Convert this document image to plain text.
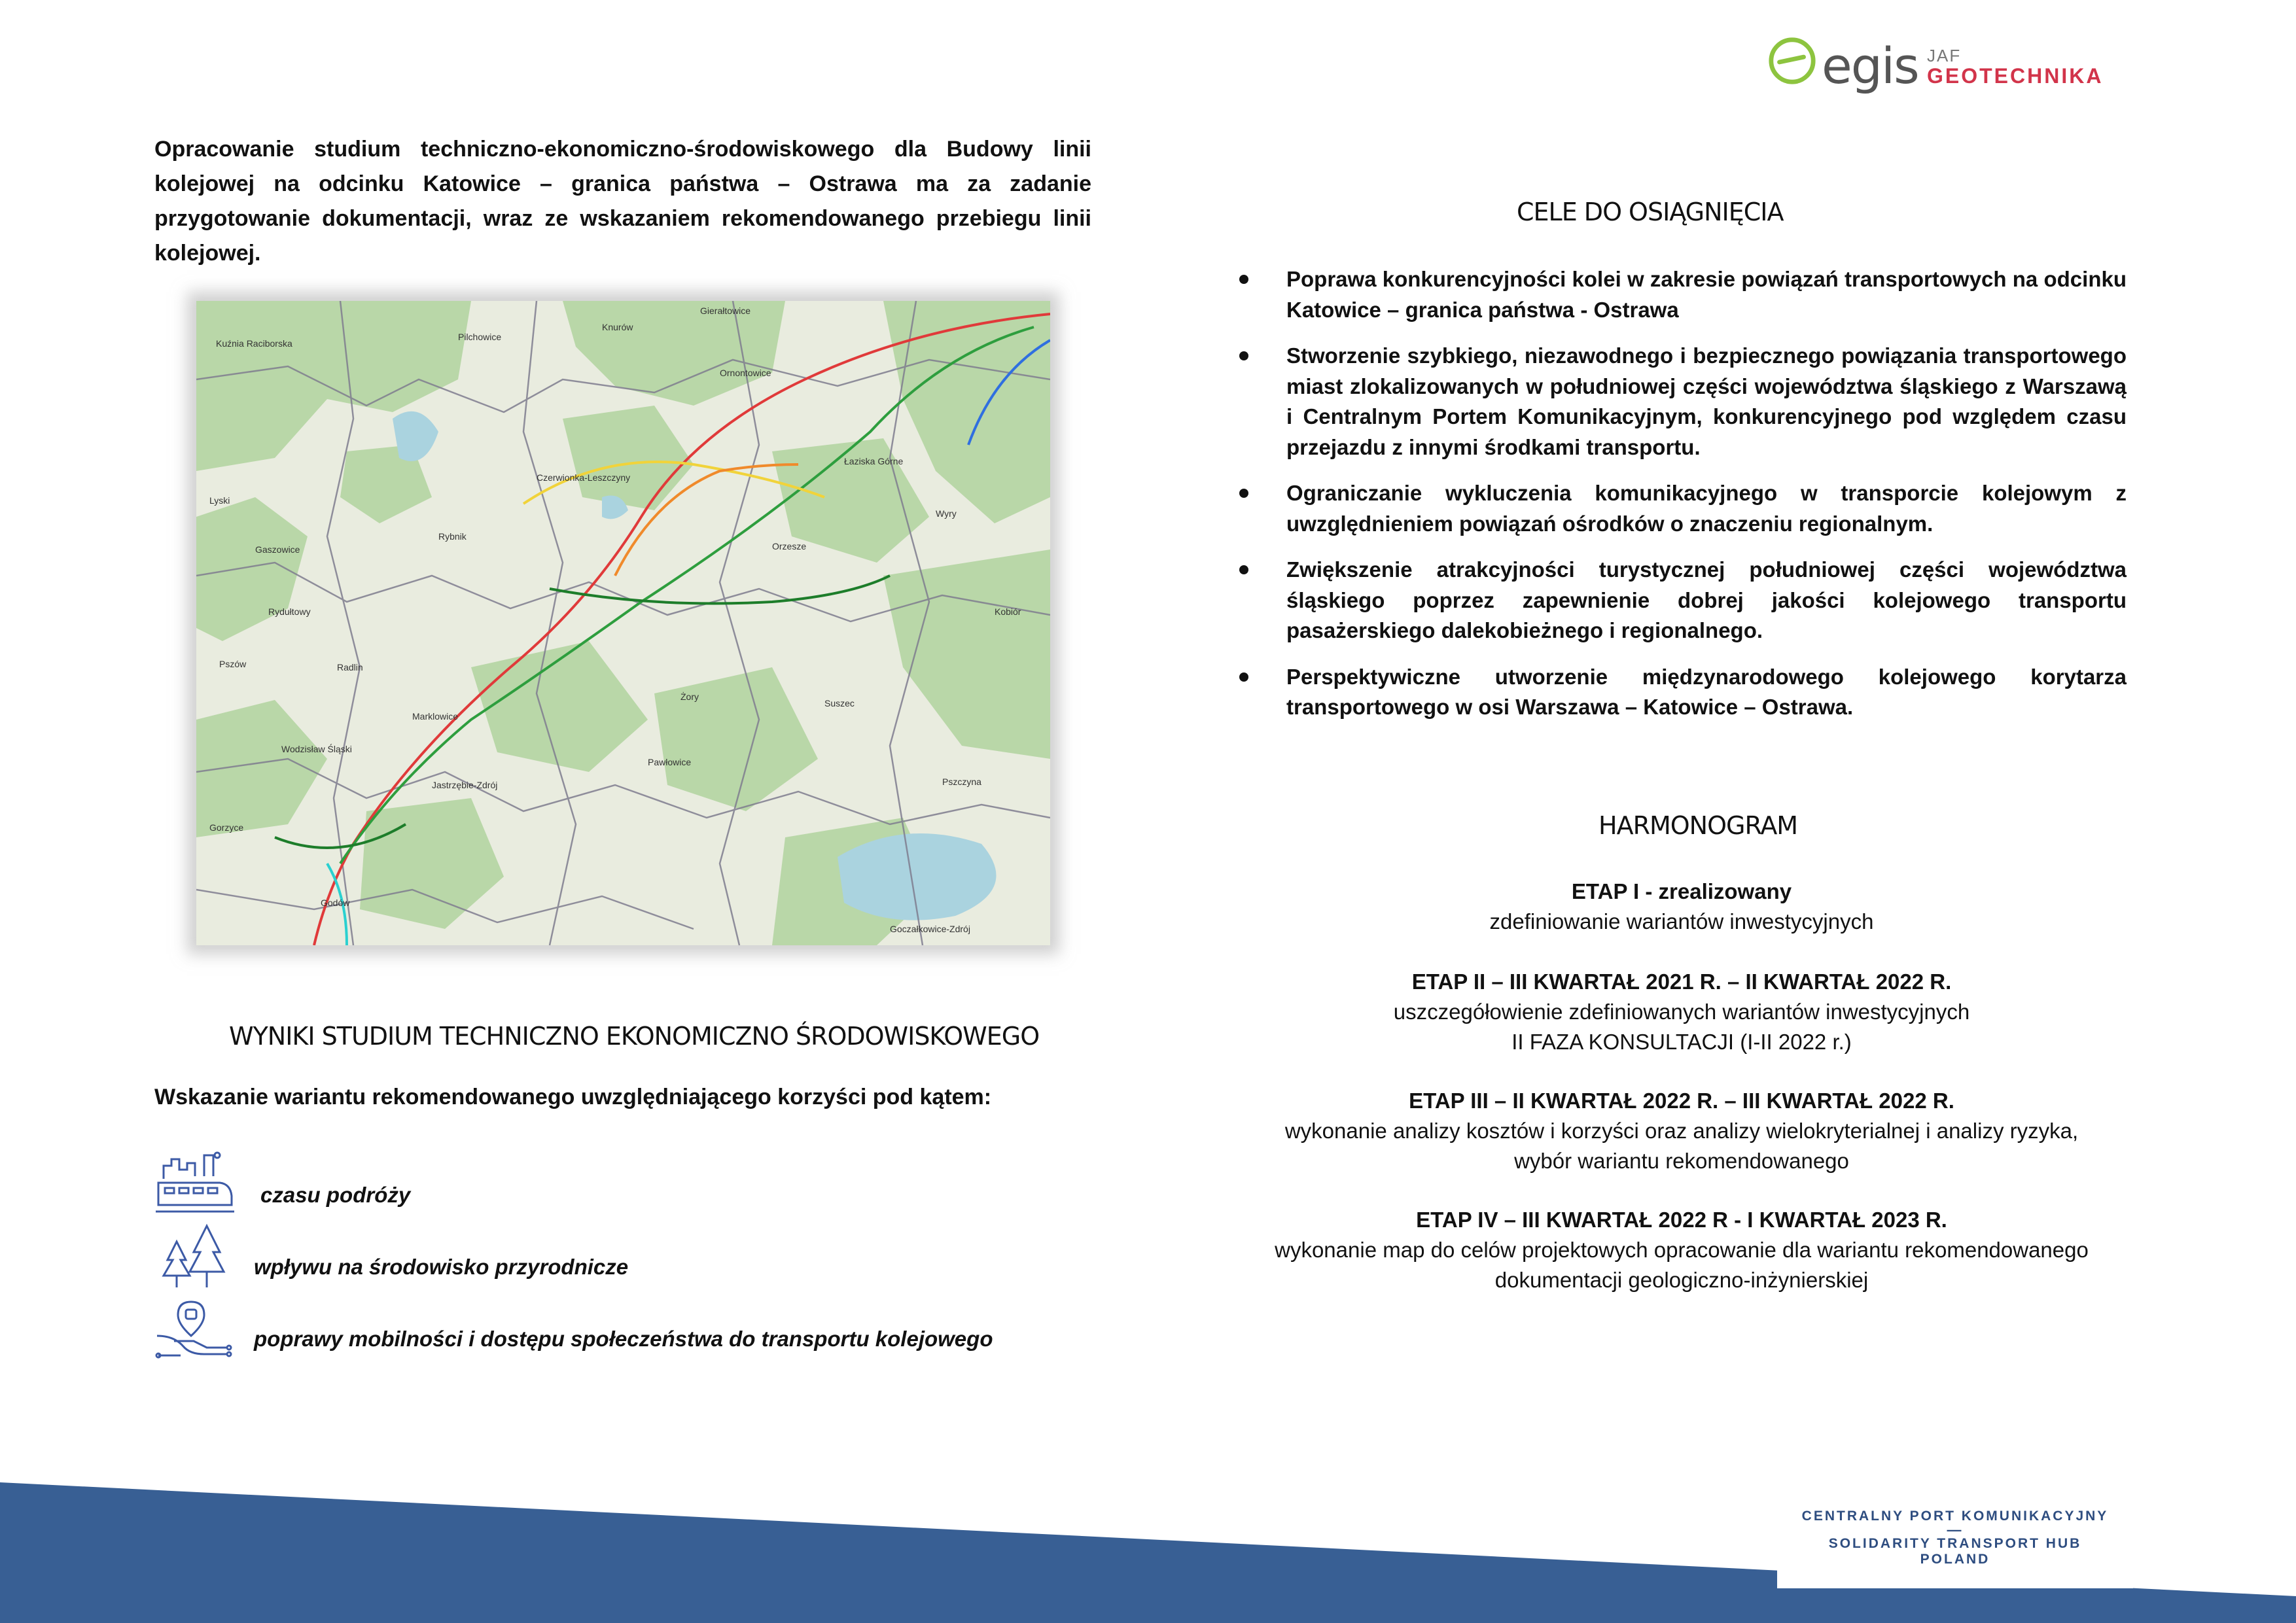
egis JAF
GEOTECHNIKA
Opracowanie studium techniczno-ekonomiczno-środowiskowego dla Budowy linii kolejowej na odcinku Katowice – granica państwa – Ostrawa ma za zadanie przygotowanie dokumentacji, wraz ze wskazaniem rekomendowanego przebiegu linii kolejowej.
Kuźnia Raciborska
Pilchowice
Knurów
Gierałtowice
Ornontowice
Lyski
Gaszowice
Czerwionka-Leszczyny
Łaziska Górne
Wyry
Rybnik
Orzesze
Rydułtowy
Pszów	Radlin
Kobiór
Żory
Suszec
Marklowice
Wodzisław Śląski
Pawłowice
Jastrzębie-Zdrój	Pszczyna
Gorzyce
Godów
Goczałkowice-Zdrój
WYNIKI STUDIUM TECHNICZNO EKONOMICZNO ŚRODOWISKOWEGO
Wskazanie wariantu rekomendowanego uwzględniającego korzyści pod kątem:
czasu podróży
wpływu na środowisko przyrodnicze
poprawy mobilności i dostępu społeczeństwa do transportu kolejowego
CELE DO OSIĄGNIĘCIA
Poprawa konkurencyjności kolei w zakresie powiązań transportowych na odcinku Katowice – granica państwa - Ostrawa
Stworzenie szybkiego, niezawodnego i bezpiecznego powiązania transportowego miast zlokalizowanych w południowej części województwa śląskiego z Warszawą i Centralnym Portem Komunikacyjnym, konkurencyjnego pod względem czasu przejazdu z innymi środkami transportu.
Ograniczanie wykluczenia komunikacyjnego w transporcie kolejowym z uwzględnieniem powiązań ośrodków o znaczeniu regionalnym.
Zwiększenie atrakcyjności turystycznej południowej części województwa śląskiego poprzez zapewnienie dobrej jakości kolejowego transportu pasażerskiego dalekobieżnego i regionalnego.
Perspektywiczne utworzenie międzynarodowego kolejowego korytarza transportowego w osi Warszawa – Katowice – Ostrawa.
HARMONOGRAM
ETAP I - zrealizowany
zdefiniowanie wariantów inwestycyjnych
ETAP II – III KWARTAŁ 2021 R. – II KWARTAŁ 2022 R.
uszczegółowienie zdefiniowanych wariantów inwestycyjnych
II FAZA KONSULTACJI (I-II 2022 r.)
ETAP III – II KWARTAŁ 2022 R. – III KWARTAŁ 2022 R.
wykonanie analizy kosztów i korzyści oraz analizy wielokryterialnej i analizy ryzyka,
wybór wariantu rekomendowanego
ETAP IV – III KWARTAŁ 2022 R - I KWARTAŁ 2023 R.
wykonanie map do celów projektowych opracowanie dla wariantu rekomendowanego
dokumentacji geologiczno-inżynierskiej
CENTRALNY PORT KOMUNIKACYJNY
—
SOLIDARITY TRANSPORT HUB
POLAND
